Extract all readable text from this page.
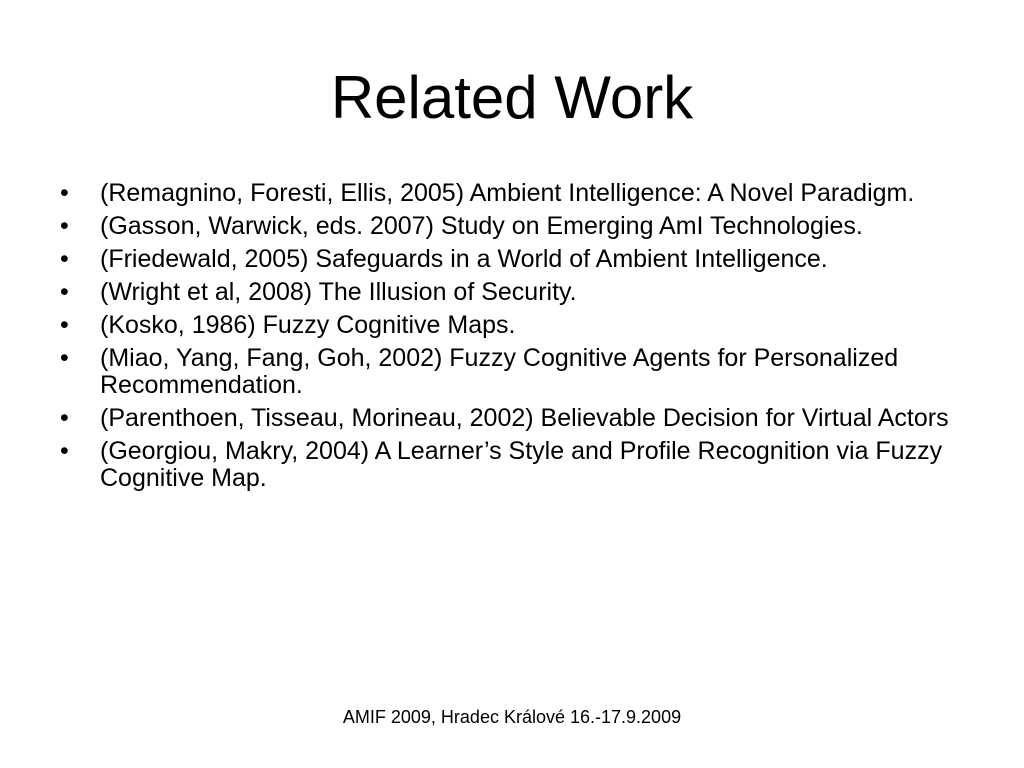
Related Work
•	(Remagnino, Foresti, Ellis, 2005) Ambient Intelligence: A Novel Paradigm.
•	(Gasson, Warwick, eds. 2007) Study on Emerging AmI Technologies.
•	(Friedewald, 2005) Safeguards in a World of Ambient Intelligence.
•	(Wright et al, 2008) The Illusion of Security.
•	(Kosko, 1986) Fuzzy Cognitive Maps.
•	(Miao, Yang, Fang, Goh, 2002) Fuzzy Cognitive Agents for Personalized Recommendation.
•	(Parenthoen, Tisseau, Morineau, 2002) Believable Decision for Virtual Actors
•	(Georgiou, Makry, 2004) A Learner’s Style and Profile Recognition via Fuzzy Cognitive Map.
AMIF 2009, Hradec Králové 16.-17.9.2009
